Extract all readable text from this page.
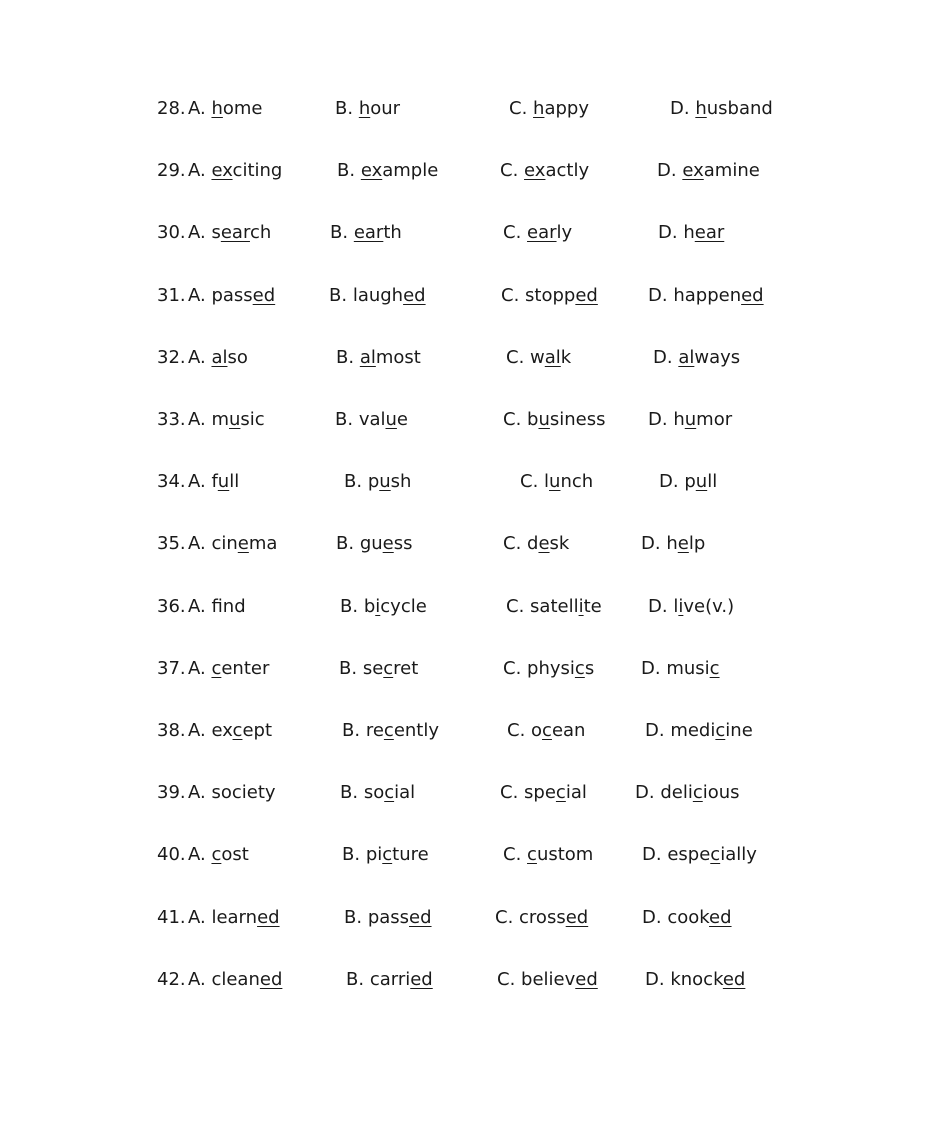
28. A. home	B. hour	C. happy	D. husband
29. A. exciting	B. example	C. exactly	D. examine
30. A. search	B. earth	C. early	D. hear
31. A. passed	B. laughed	C. stopped	D. happened
32. A. also	B. almost	C. walk	D. always
33. A. music	B. value	C. business D. humor
34. A. full	B. push	C. lunch	D. pull
35. A. cinema	B. guess	C. desk	D. help
36. A. fnd	B. bicycle	C. satellite	D. live(v.)
37. A. center	B. secret	C. physics	D. music
38. A. except	B. recently	C. ocean	D. medicine
39. A. society	B. social	C. special	D. delicious
40. A. cost	B. picture	C. custom	D. especially
41. A. learned	B. passed	C. crossed	D. cooked
42. A. cleaned	B. carried	C. believed	D. knocked
